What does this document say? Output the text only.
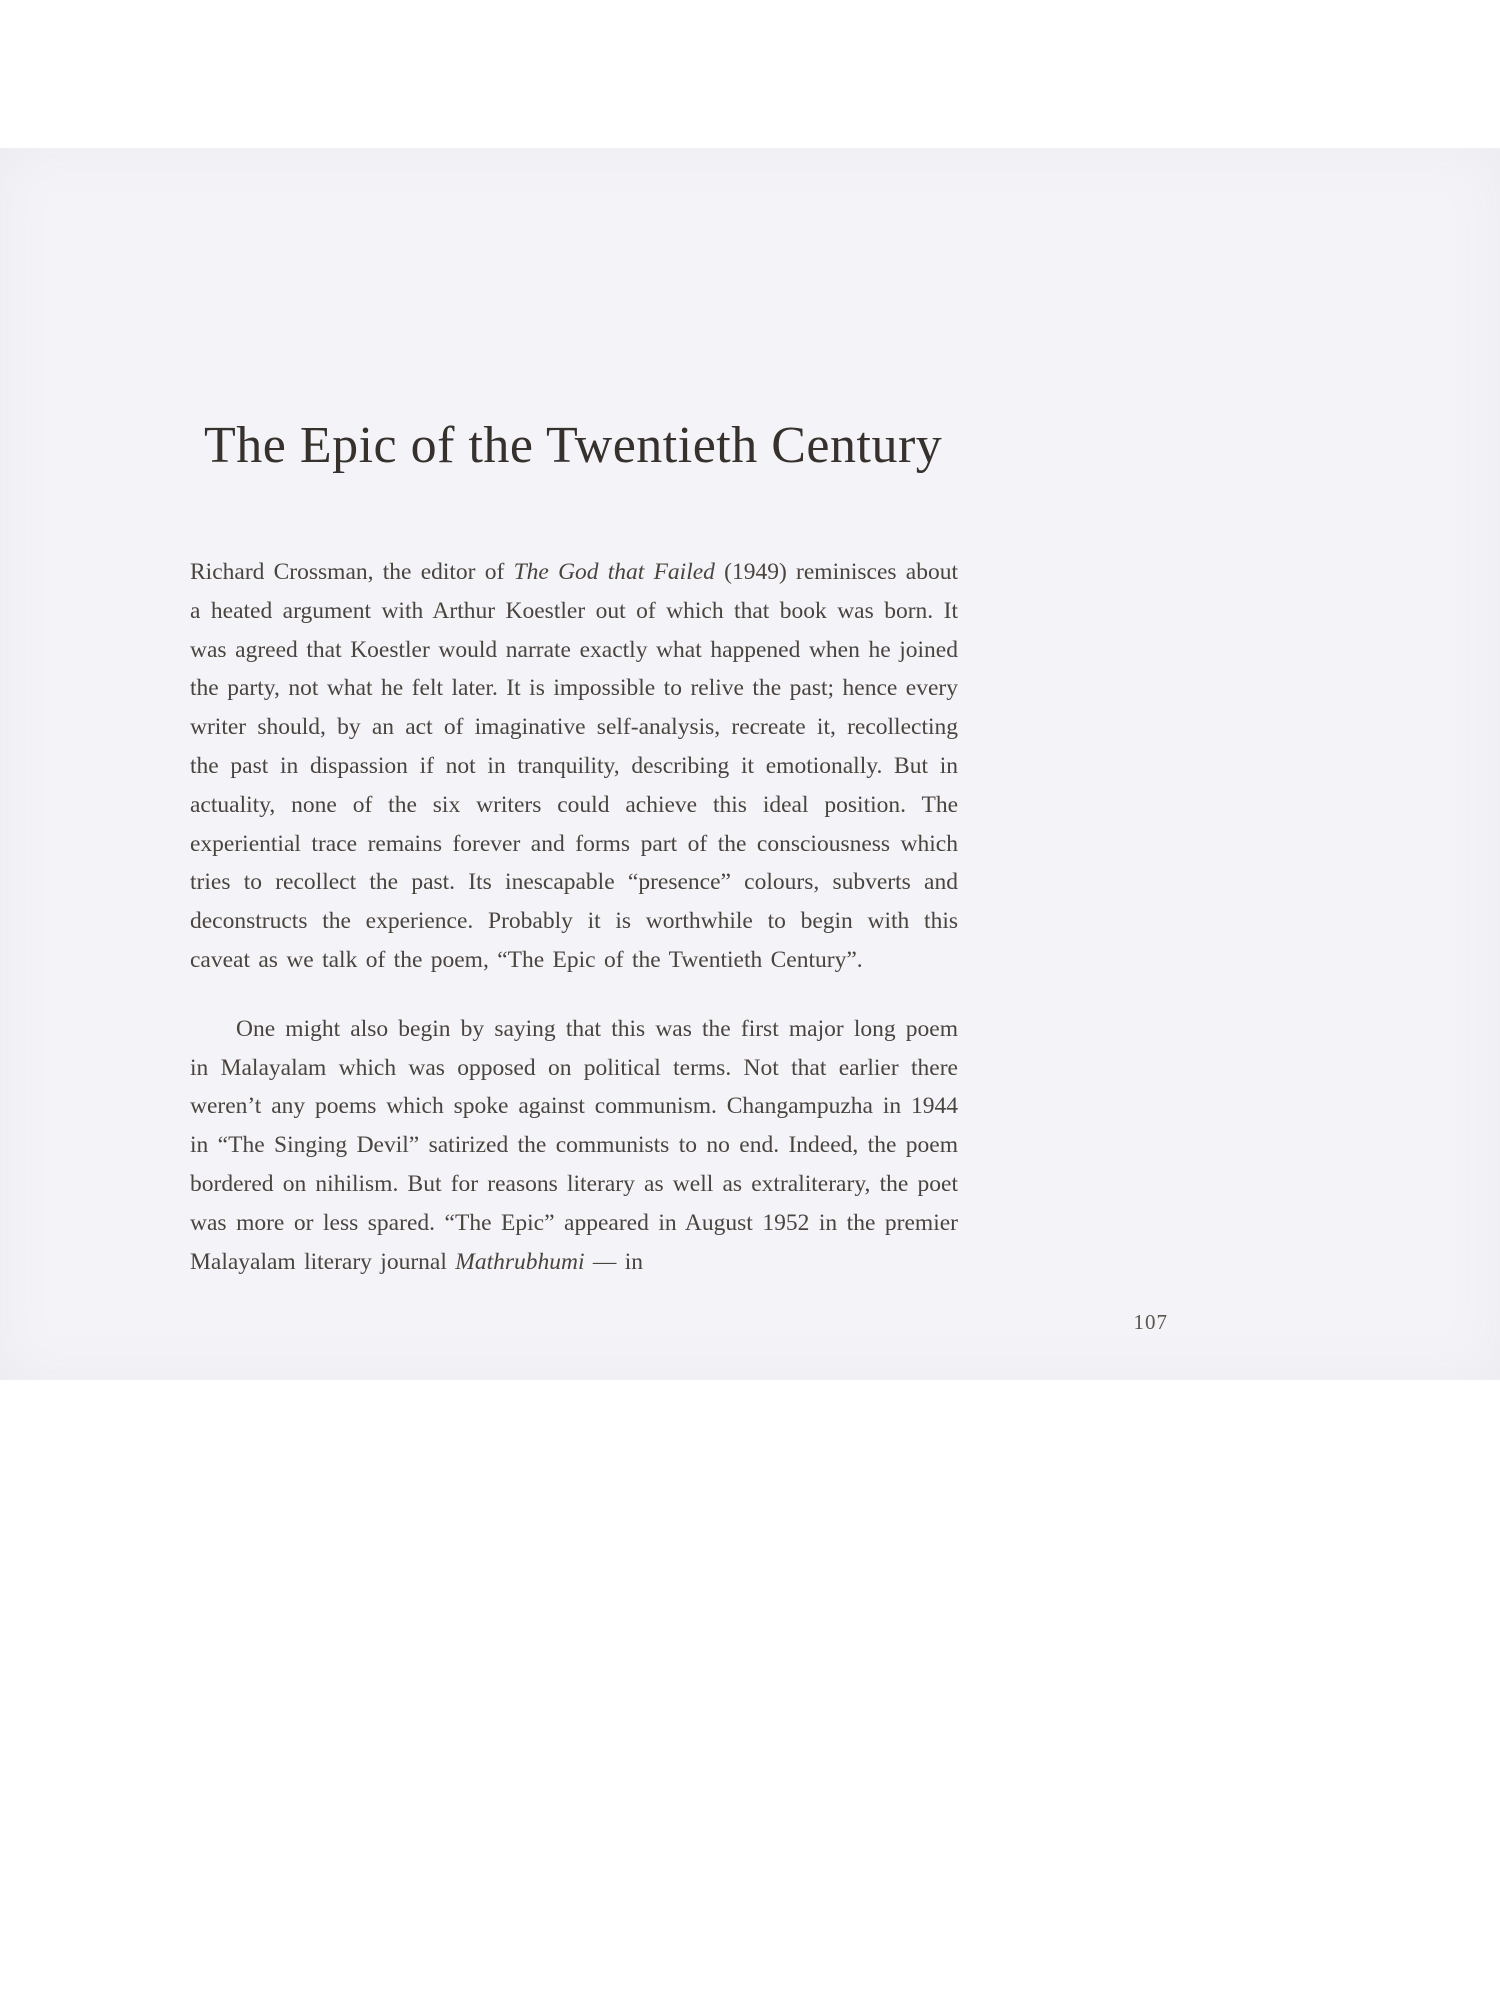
The Epic of the Twentieth Century

Richard Crossman, the editor of The God that Failed (1949) reminisces about a heated argument with Arthur Koestler out of which that book was born. It was agreed that Koestler would narrate exactly what happened when he joined the party, not what he felt later. It is impossible to relive the past; hence every writer should, by an act of imaginative self-analysis, recreate it, recollecting the past in dispassion if not in tranquility, describing it emotionally. But in actuality, none of the six writers could achieve this ideal position. The experiential trace remains forever and forms part of the consciousness which tries to recollect the past. Its inescapable “presence” colours, subverts and deconstructs the experience. Probably it is worthwhile to begin with this caveat as we talk of the poem, “The Epic of the Twentieth Century”.

One might also begin by saying that this was the first major long poem in Malayalam which was opposed on political terms. Not that earlier there weren’t any poems which spoke against communism. Changampuzha in 1944 in “The Singing Devil” satirized the communists to no end. Indeed, the poem bordered on nihilism. But for reasons literary as well as extraliterary, the poet was more or less spared. “The Epic” appeared in August 1952 in the premier Malayalam literary journal Mathrubhumi — in

107
